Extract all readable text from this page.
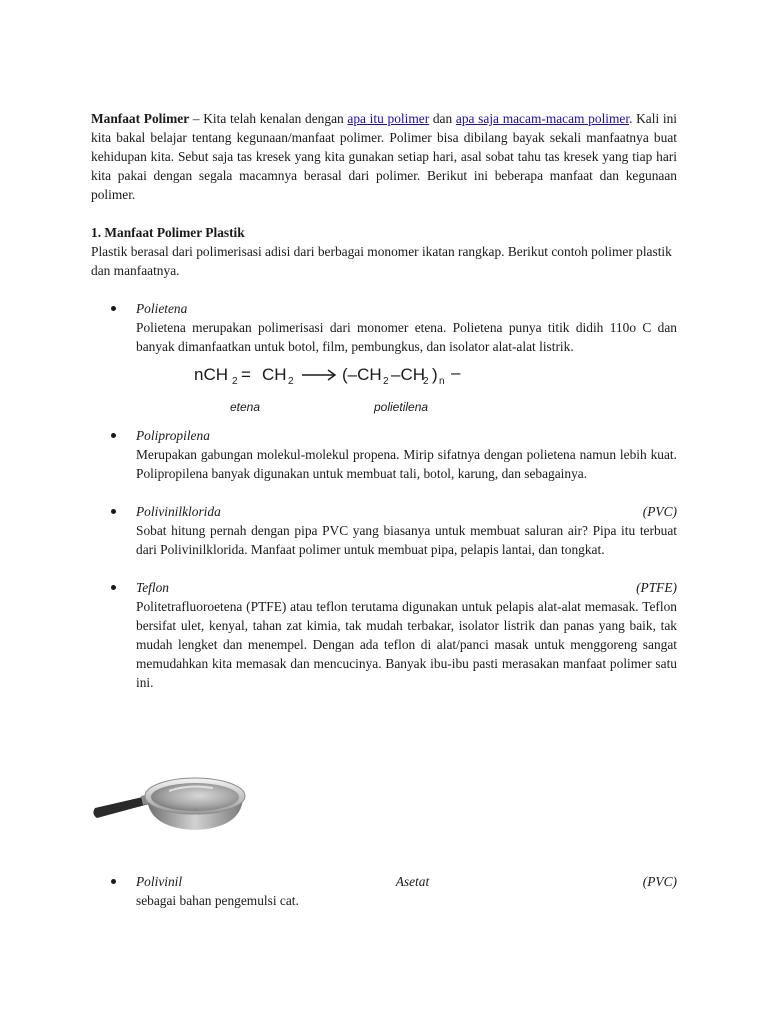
Manfaat Polimer – Kita telah kenalan dengan apa itu polimer dan apa saja macam-macam polimer. Kali ini kita bakal belajar tentang kegunaan/manfaat polimer. Polimer bisa dibilang bayak sekali manfaatnya buat kehidupan kita. Sebut saja tas kresek yang kita gunakan setiap hari, asal sobat tahu tas kresek yang tiap hari kita pakai dengan segala macamnya berasal dari polimer. Berikut ini beberapa manfaat dan kegunaan polimer.

1. Manfaat Polimer Plastik

Plastik berasal dari polimerisasi adisi dari berbagai monomer ikatan rangkap. Berikut contoh polimer plastik dan manfaatnya.

Polietena

Polietena merupakan polimerisasi dari monomer etena. Polietena punya titik didih 110o C dan banyak dimanfaatkan untuk botol, film, pembungkus, dan isolator alat-alat listrik.

nCH 2 = CH 2	(–CH 2 –CH
2 ) n –
etena	polietilena
Polipropilena

Merupakan gabungan molekul-molekul propena. Mirip sifatnya dengan polietena namun lebih kuat. Polipropilena banyak digunakan untuk membuat tali, botol, karung, dan sebagainya.

Polivinilklorida	(PVC)

Sobat hitung pernah dengan pipa PVC yang biasanya untuk membuat saluran air? Pipa itu terbuat dari Polivinilklorida. Manfaat polimer untuk membuat pipa, pelapis lantai, dan tongkat.

Teflon	(PTFE)

Politetrafluoroetena (PTFE) atau teflon terutama digunakan untuk pelapis alat-alat memasak. Teflon bersifat ulet, kenyal, tahan zat kimia, tak mudah terbakar, isolator listrik dan panas yang baik, tak mudah lengket dan menempel. Dengan ada teflon di alat/panci masak untuk menggoreng sangat memudahkan kita memasak dan mencucinya. Banyak ibu-ibu pasti merasakan manfaat polimer satu ini.

Polivinil	Asetat	(PVC)

sebagai bahan pengemulsi cat.
